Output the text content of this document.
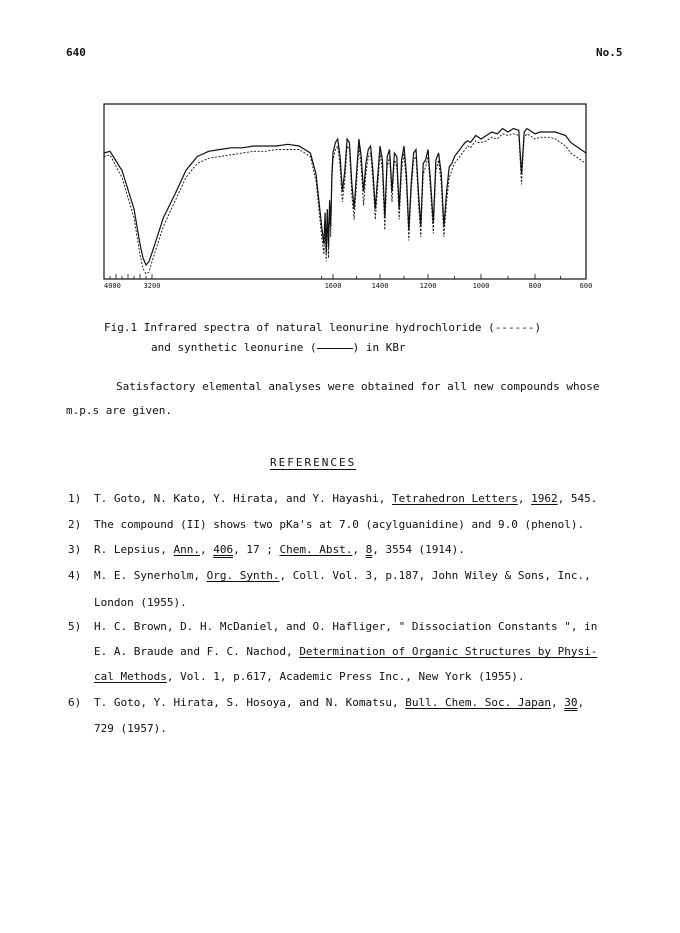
640	No.5
4000	3200	1600	1400	1200	1000	800	600
Fig.1 Infrared spectra of natural leonurine hydrochloride (------)
and synthetic leonurine (	) in KBr
Satisfactory elemental analyses were obtained for all new compounds whose
m.p.s are given.
REFERENCES
1) T. Goto, N. Kato, Y. Hirata, and Y. Hayashi, Tetrahedron Letters, 1962, 545.
2) The compound (II) shows two pKa's at 7.0 (acylguanidine) and 9.0 (phenol).
3) R. Lepsius, Ann., 406, 17 ; Chem. Abst., 8, 3554 (1914).
4) M. E. Synerholm, Org. Synth., Coll. Vol. 3, p.187, John Wiley & Sons, Inc.,
London (1955).
5) H. C. Brown, D. H. McDaniel, and O. Hafliger, " Dissociation Constants ", in
E. A. Braude and F. C. Nachod, Determination of Organic Structures by Physi-
cal Methods, Vol. 1, p.617, Academic Press Inc., New York (1955).
6) T. Goto, Y. Hirata, S. Hosoya, and N. Komatsu, Bull. Chem. Soc. Japan, 30,
729 (1957).
